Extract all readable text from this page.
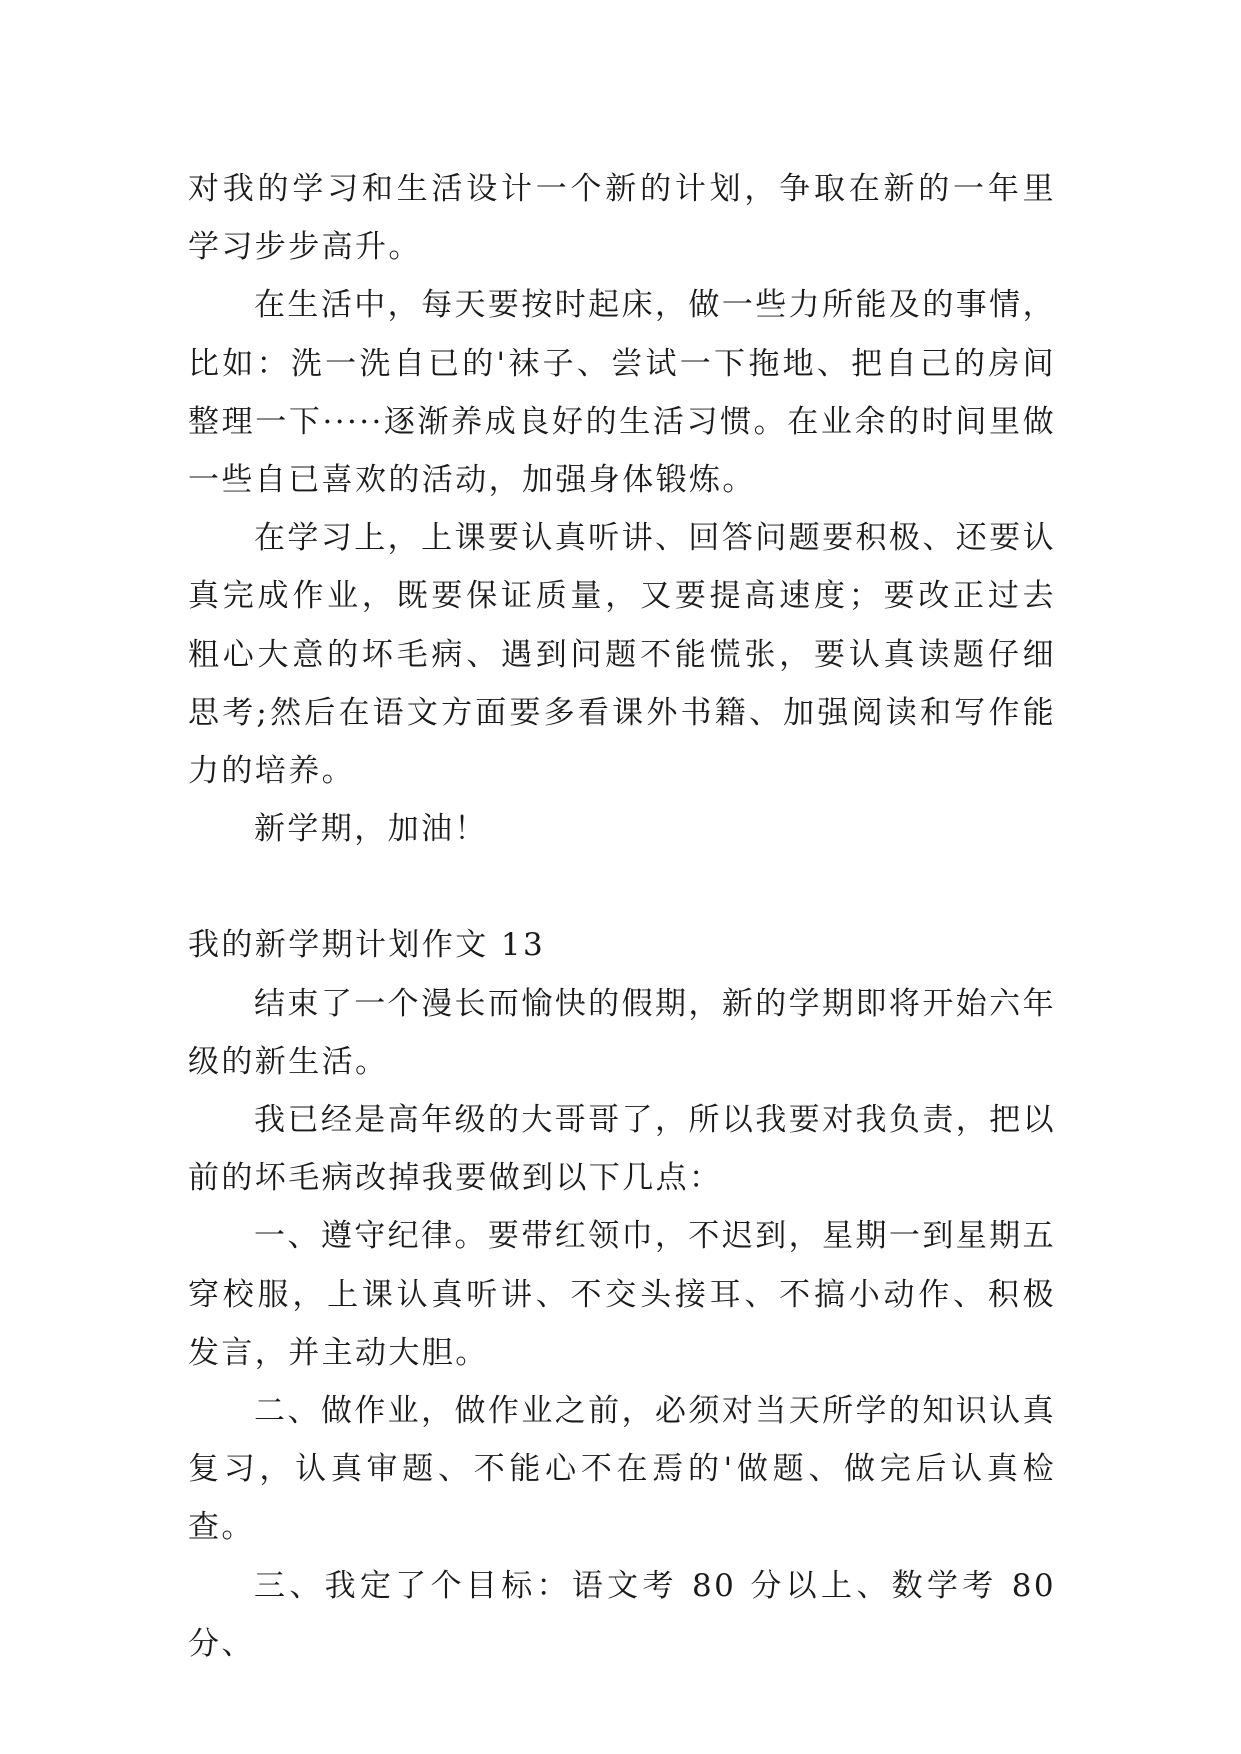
对我的学习和生活设计一个新的计划，争取在新的一年里学习步步高升。

在生活中，每天要按时起床，做一些力所能及的事情，比如：洗一洗自已的'袜子、尝试一下拖地、把自己的房间整理一下·····逐渐养成良好的生活习惯。在业余的时间里做一些自已喜欢的活动，加强身体锻炼。

在学习上，上课要认真听讲、回答问题要积极、还要认真完成作业，既要保证质量，又要提高速度；要改正过去粗心大意的坏毛病、遇到问题不能慌张，要认真读题仔细思考;然后在语文方面要多看课外书籍、加强阅读和写作能力的培养。

新学期，加油！

我的新学期计划作文 13

结束了一个漫长而愉快的假期，新的学期即将开始六年级的新生活。

我已经是高年级的大哥哥了，所以我要对我负责，把以前的坏毛病改掉我要做到以下几点：

一、遵守纪律。要带红领巾，不迟到，星期一到星期五穿校服，上课认真听讲、不交头接耳、不搞小动作、积极发言，并主动大胆。

二、做作业，做作业之前，必须对当天所学的知识认真复习，认真审题、不能心不在焉的'做题、做完后认真检查。

三、我定了个目标：语文考 80 分以上、数学考 80 分、
